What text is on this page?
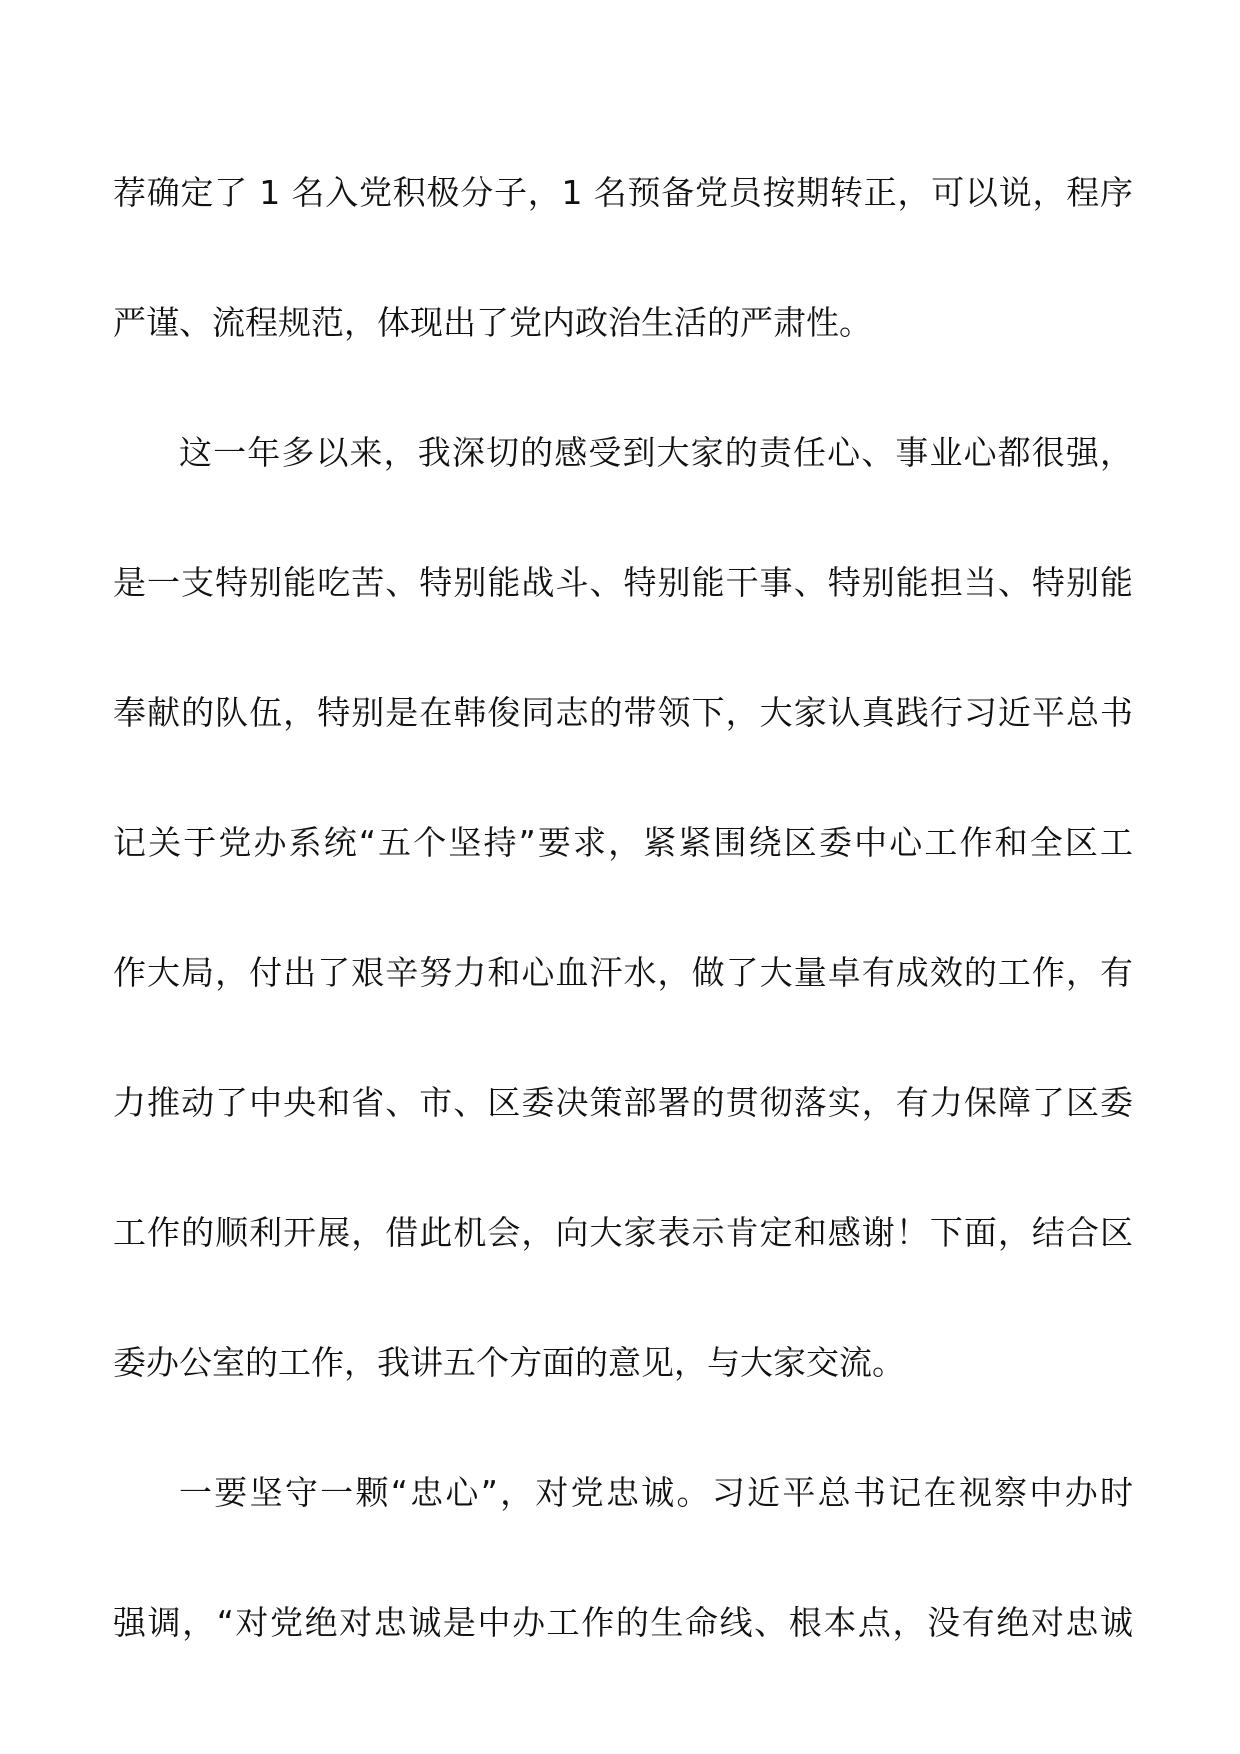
荐确定了 1 名入党积极分子，1 名预备党员按期转正，可以说，程序
严谨、流程规范，体现出了党内政治生活的严肃性。
这一年多以来，我深切的感受到大家的责任心、事业心都很强，
是一支特别能吃苦、特别能战斗、特别能干事、特别能担当、特别能
奉献的队伍，特别是在韩俊同志的带领下，大家认真践行习近平总书
记关于党办系统“五个坚持”要求，紧紧围绕区委中心工作和全区工
作大局，付出了艰辛努力和心血汗水，做了大量卓有成效的工作，有
力推动了中央和省、市、区委决策部署的贯彻落实，有力保障了区委
工作的顺利开展，借此机会，向大家表示肯定和感谢！下面，结合区
委办公室的工作，我讲五个方面的意见，与大家交流。
一要坚守一颗“忠心”，对党忠诚。习近平总书记在视察中办时
强调，“对党绝对忠诚是中办工作的生命线、根本点，没有绝对忠诚
